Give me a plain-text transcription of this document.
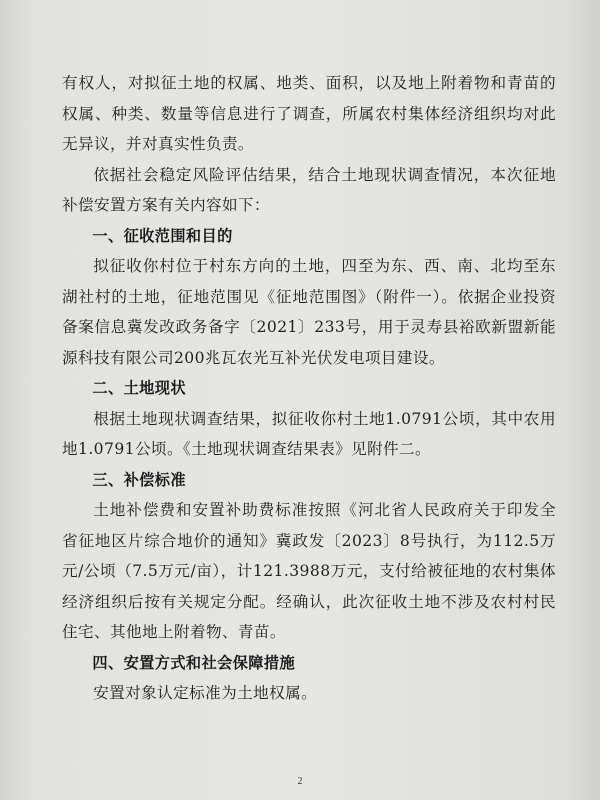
有权人，对拟征土地的权属、地类、面积，以及地上附着物和青苗的权属、种类、数量等信息进行了调查，所属农村集体经济组织均对此无异议，并对真实性负责。

依据社会稳定风险评估结果，结合土地现状调查情况，本次征地补偿安置方案有关内容如下：

一、征收范围和目的

拟征收你村位于村东方向的土地，四至为东、西、南、北均至东湖社村的土地，征地范围见《征地范围图》（附件一）。依据企业投资备案信息冀发改政务备字〔2021〕233号，用于灵寿县裕欧新盟新能源科技有限公司200兆瓦农光互补光伏发电项目建设。

二、土地现状

根据土地现状调查结果，拟征收你村土地1.0791公顷，其中农用地1.0791公顷。《土地现状调查结果表》见附件二。

三、补偿标准

土地补偿费和安置补助费标准按照《河北省人民政府关于印发全省征地区片综合地价的通知》冀政发〔2023〕8号执行，为112.5万元/公顷（7.5万元/亩），计121.3988万元，支付给被征地的农村集体经济组织后按有关规定分配。经确认，此次征收土地不涉及农村村民住宅、其他地上附着物、青苗。

四、安置方式和社会保障措施

安置对象认定标准为土地权属。

2
